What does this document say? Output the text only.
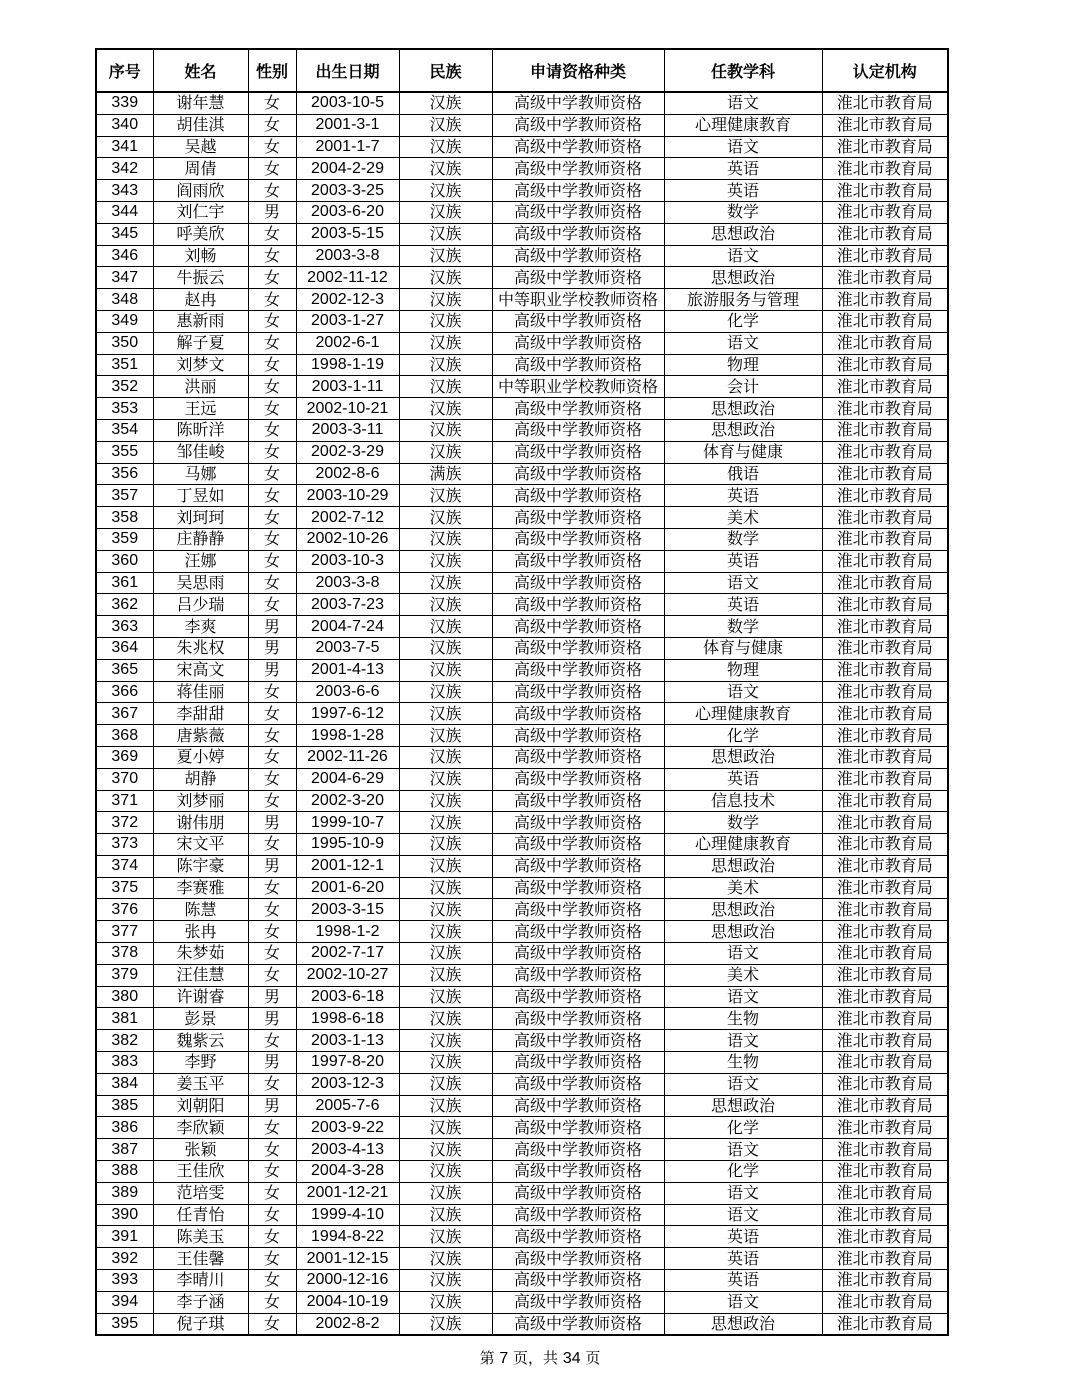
序号	姓名	性别	出生日期	民族	申请资格种类	任教学科	认定机构
339	谢年慧	女	2003-10-5	汉族	高级中学教师资格	语文	淮北市教育局
340	胡佳淇	女	2001-3-1	汉族	高级中学教师资格	心理健康教育	淮北市教育局
341	吴越	女	2001-1-7	汉族	高级中学教师资格	语文	淮北市教育局
342	周倩	女	2004-2-29	汉族	高级中学教师资格	英语	淮北市教育局
343	阎雨欣	女	2003-3-25	汉族	高级中学教师资格	英语	淮北市教育局
344	刘仁宇	男	2003-6-20	汉族	高级中学教师资格	数学	淮北市教育局
345	呼美欣	女	2003-5-15	汉族	高级中学教师资格	思想政治	淮北市教育局
346	刘畅	女	2003-3-8	汉族	高级中学教师资格	语文	淮北市教育局
347	牛振云	女	2002-11-12	汉族	高级中学教师资格	思想政治	淮北市教育局
348	赵冉	女	2002-12-3	汉族	中等职业学校教师资格	旅游服务与管理	淮北市教育局
349	惠新雨	女	2003-1-27	汉族	高级中学教师资格	化学	淮北市教育局
350	解子夏	女	2002-6-1	汉族	高级中学教师资格	语文	淮北市教育局
351	刘梦文	女	1998-1-19	汉族	高级中学教师资格	物理	淮北市教育局
352	洪丽	女	2003-1-11	汉族	中等职业学校教师资格	会计	淮北市教育局
353	王远	女	2002-10-21	汉族	高级中学教师资格	思想政治	淮北市教育局
354	陈昕洋	女	2003-3-11	汉族	高级中学教师资格	思想政治	淮北市教育局
355	邹佳峻	女	2002-3-29	汉族	高级中学教师资格	体育与健康	淮北市教育局
356	马娜	女	2002-8-6	满族	高级中学教师资格	俄语	淮北市教育局
357	丁昱如	女	2003-10-29	汉族	高级中学教师资格	英语	淮北市教育局
358	刘珂珂	女	2002-7-12	汉族	高级中学教师资格	美术	淮北市教育局
359	庄静静	女	2002-10-26	汉族	高级中学教师资格	数学	淮北市教育局
360	汪娜	女	2003-10-3	汉族	高级中学教师资格	英语	淮北市教育局
361	吴思雨	女	2003-3-8	汉族	高级中学教师资格	语文	淮北市教育局
362	吕少瑞	女	2003-7-23	汉族	高级中学教师资格	英语	淮北市教育局
363	李爽	男	2004-7-24	汉族	高级中学教师资格	数学	淮北市教育局
364	朱兆权	男	2003-7-5	汉族	高级中学教师资格	体育与健康	淮北市教育局
365	宋高文	男	2001-4-13	汉族	高级中学教师资格	物理	淮北市教育局
366	蒋佳丽	女	2003-6-6	汉族	高级中学教师资格	语文	淮北市教育局
367	李甜甜	女	1997-6-12	汉族	高级中学教师资格	心理健康教育	淮北市教育局
368	唐紫薇	女	1998-1-28	汉族	高级中学教师资格	化学	淮北市教育局
369	夏小婷	女	2002-11-26	汉族	高级中学教师资格	思想政治	淮北市教育局
370	胡静	女	2004-6-29	汉族	高级中学教师资格	英语	淮北市教育局
371	刘梦丽	女	2002-3-20	汉族	高级中学教师资格	信息技术	淮北市教育局
372	谢伟朋	男	1999-10-7	汉族	高级中学教师资格	数学	淮北市教育局
373	宋文平	女	1995-10-9	汉族	高级中学教师资格	心理健康教育	淮北市教育局
374	陈宇豪	男	2001-12-1	汉族	高级中学教师资格	思想政治	淮北市教育局
375	李赛雅	女	2001-6-20	汉族	高级中学教师资格	美术	淮北市教育局
376	陈慧	女	2003-3-15	汉族	高级中学教师资格	思想政治	淮北市教育局
377	张冉	女	1998-1-2	汉族	高级中学教师资格	思想政治	淮北市教育局
378	朱梦茹	女	2002-7-17	汉族	高级中学教师资格	语文	淮北市教育局
379	汪佳慧	女	2002-10-27	汉族	高级中学教师资格	美术	淮北市教育局
380	许谢睿	男	2003-6-18	汉族	高级中学教师资格	语文	淮北市教育局
381	彭景	男	1998-6-18	汉族	高级中学教师资格	生物	淮北市教育局
382	魏紫云	女	2003-1-13	汉族	高级中学教师资格	语文	淮北市教育局
383	李野	男	1997-8-20	汉族	高级中学教师资格	生物	淮北市教育局
384	姜玉平	女	2003-12-3	汉族	高级中学教师资格	语文	淮北市教育局
385	刘朝阳	男	2005-7-6	汉族	高级中学教师资格	思想政治	淮北市教育局
386	李欣颖	女	2003-9-22	汉族	高级中学教师资格	化学	淮北市教育局
387	张颖	女	2003-4-13	汉族	高级中学教师资格	语文	淮北市教育局
388	王佳欣	女	2004-3-28	汉族	高级中学教师资格	化学	淮北市教育局
389	范培雯	女	2001-12-21	汉族	高级中学教师资格	语文	淮北市教育局
390	任青怡	女	1999-4-10	汉族	高级中学教师资格	语文	淮北市教育局
391	陈美玉	女	1994-8-22	汉族	高级中学教师资格	英语	淮北市教育局
392	王佳馨	女	2001-12-15	汉族	高级中学教师资格	英语	淮北市教育局
393	李晴川	女	2000-12-16	汉族	高级中学教师资格	英语	淮北市教育局
394	李子涵	女	2004-10-19	汉族	高级中学教师资格	语文	淮北市教育局
395	倪子琪	女	2002-8-2	汉族	高级中学教师资格	思想政治	淮北市教育局
第 7 页，共 34 页
